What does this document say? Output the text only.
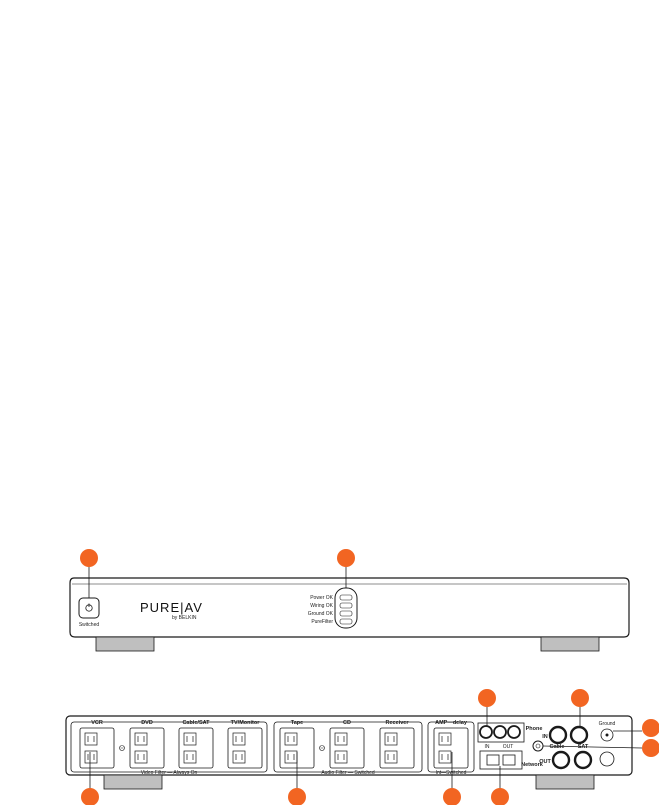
Switched
PURE|AV
by BELKIN
Power OK
Wiring OK
Ground OK
PureFilter
VCR	DVD	Cable/SAT	TV/Monitor
Video Filter — Always On
Tape	CD	Receiver
Audio Filter — Switched
AMP—delay
Int—Switched
Phone
IN	OUT
Network
IN
Cable
OUT
Ground
